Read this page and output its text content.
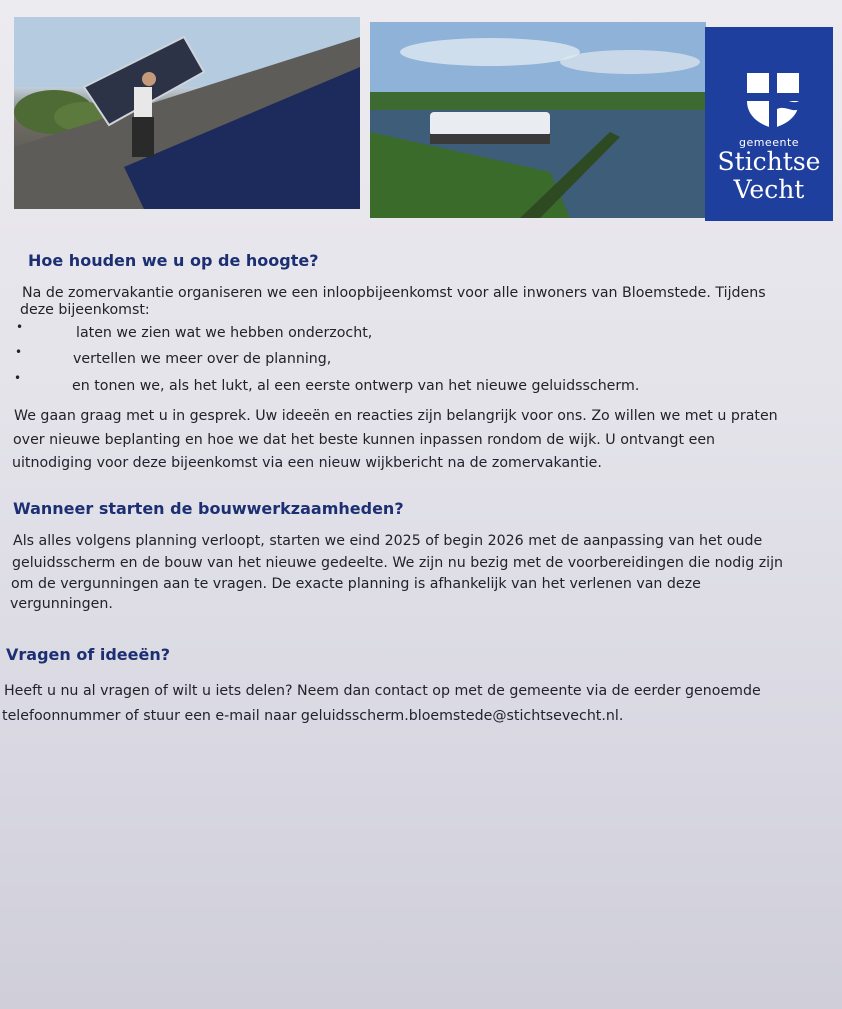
gemeente
Stichtse
Vecht
Hoe houden we u op de hoogte?
Na de zomervakantie organiseren we een inloopbijeenkomst voor alle inwoners van Bloemstede. Tijdens
deze bijeenkomst:
•	laten we zien wat we hebben onderzocht,
•	vertellen we meer over de planning,
•	en tonen we, als het lukt, al een eerste ontwerp van het nieuwe geluidsscherm.
We gaan graag met u in gesprek. Uw ideeën en reacties zijn belangrijk voor ons. Zo willen we met u praten
over nieuwe beplanting en hoe we dat het beste kunnen inpassen rondom de wijk. U ontvangt een
uitnodiging voor deze bijeenkomst via een nieuw wijkbericht na de zomervakantie.
Wanneer starten de bouwwerkzaamheden?
Als alles volgens planning verloopt, starten we eind 2025 of begin 2026 met de aanpassing van het oude
geluidsscherm en de bouw van het nieuwe gedeelte. We zijn nu bezig met de voorbereidingen die nodig zijn
om de vergunningen aan te vragen. De exacte planning is afhankelijk van het verlenen van deze
vergunningen.
Vragen of ideeën?
Heeft u nu al vragen of wilt u iets delen? Neem dan contact op met de gemeente via de eerder genoemde
telefoonnummer of stuur een e-mail naar geluidsscherm.bloemstede@stichtsevecht.nl.
